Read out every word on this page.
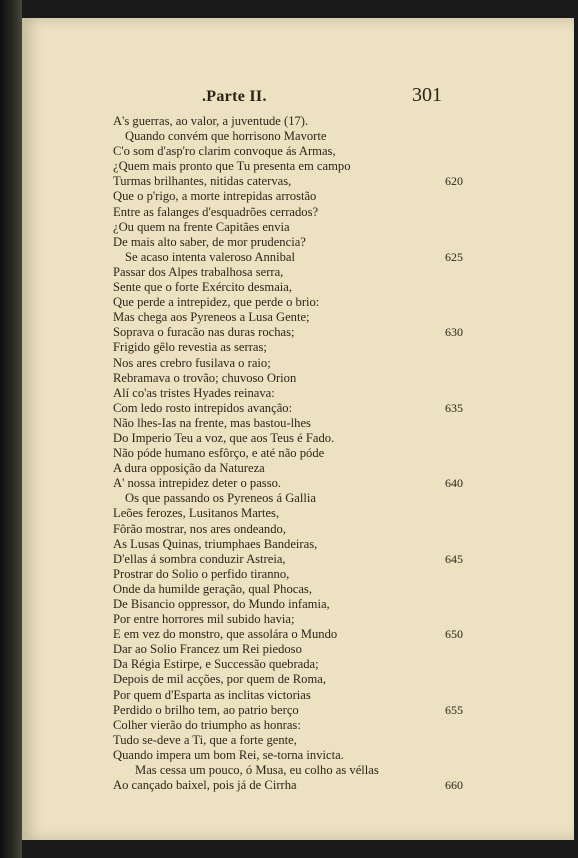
.Parte II.	301
A's guerras, ao valor, a juventude (17).
Quando convém que horrisono Mavorte
C'o som d'asp'ro clarim convoque ás Armas,
¿Quem mais pronto que Tu presenta em campo
Turmas brilhantes, nitidas catervas,	620
Que o p'rigo, a morte intrepidas arrostão
Entre as falanges d'esquadrões cerrados?
¿Ou quem na frente Capitães envia
De mais alto saber, de mor prudencia?
Se acaso intenta valeroso Annibal	625
Passar dos Alpes trabalhosa serra,
Sente que o forte Exército desmaia,
Que perde a intrepidez, que perde o brio:
Mas chega aos Pyreneos a Lusa Gente;
Soprava o furacão nas duras rochas;	630
Frigido gêlo revestia as serras;
Nos ares crebro fusilava o raio;
Rebramava o trovão; chuvoso Orion
Alí co'as tristes Hyades reinava:
Com ledo rosto intrepidos avanção:	635
Não lhes-Ias na frente, mas bastou-lhes
Do Imperio Teu a voz, que aos Teus é Fado.
Não póde humano esfôrço, e até não póde
A dura opposição da Natureza
A' nossa intrepidez deter o passo.	640
Os que passando os Pyreneos á Gallia
Leões ferozes, Lusitanos Martes,
Fôrão mostrar, nos ares ondeando,
As Lusas Quinas, triumphaes Bandeiras,
D'ellas á sombra conduzir Astreia,	645
Prostrar do Solio o perfido tiranno,
Onde da humilde geração, qual Phocas,
De Bisancio oppressor, do Mundo infamia,
Por entre horrores mil subido havia;
E em vez do monstro, que assolára o Mundo	650
Dar ao Solio Francez um Rei piedoso
Da Régia Estirpe, e Successão quebrada;
Depois de mil acções, por quem de Roma,
Por quem d'Esparta as inclitas victorias
Perdido o brilho tem, ao patrio berço	655
Colher vierão do triumpho as honras:
Tudo se-deve a Ti, que a forte gente,
Quando impera um bom Rei, se-torna invicta.
Mas cessa um pouco, ó Musa, eu colho as véllas
Ao cançado baixel, pois já de Cirrha	660
